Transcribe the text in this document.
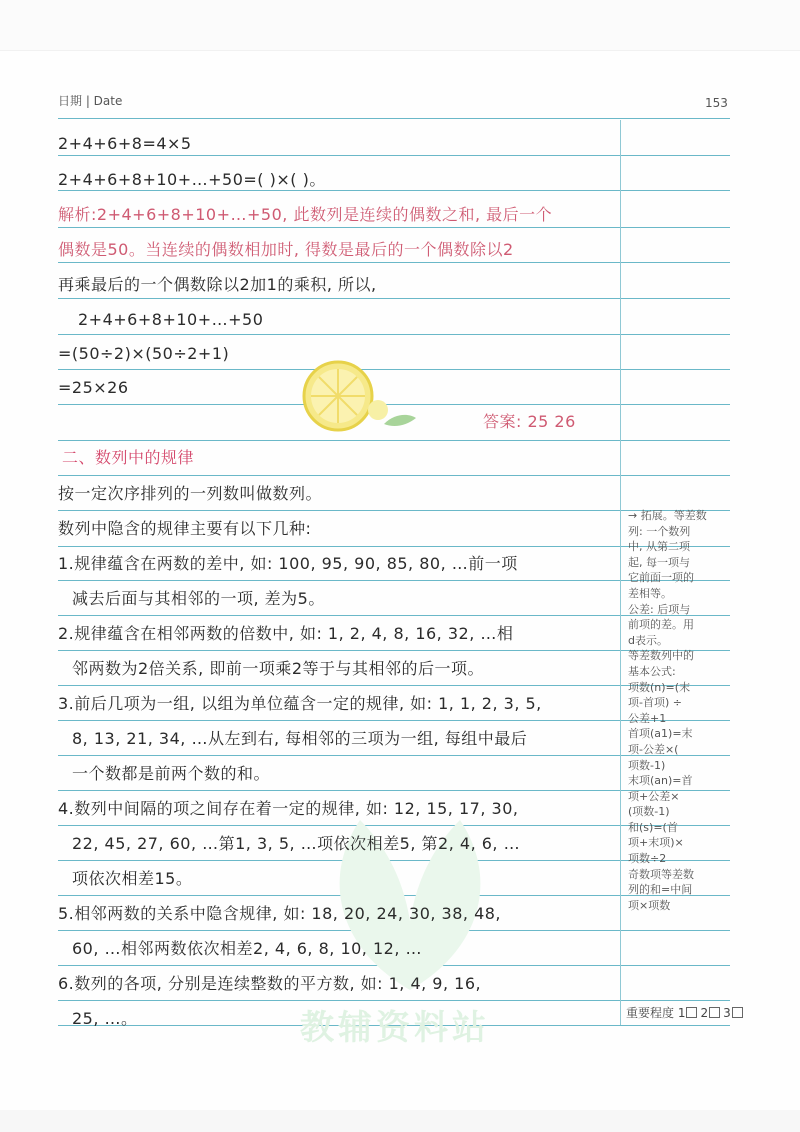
日期 | Date	153
教辅资料站
2+4+6+8=4×5
2+4+6+8+10+…+50=( )×( )。
解析:2+4+6+8+10+…+50, 此数列是连续的偶数之和, 最后一个
偶数是50。当连续的偶数相加时, 得数是最后的一个偶数除以2
再乘最后的一个偶数除以2加1的乘积, 所以,
2+4+6+8+10+…+50
=(50÷2)×(50÷2+1)
=25×26
答案: 25 26
二、数列中的规律
按一定次序排列的一列数叫做数列。
数列中隐含的规律主要有以下几种:
1.规律蕴含在两数的差中, 如: 100, 95, 90, 85, 80, …前一项
减去后面与其相邻的一项, 差为5。
2.规律蕴含在相邻两数的倍数中, 如: 1, 2, 4, 8, 16, 32, …相
邻两数为2倍关系, 即前一项乘2等于与其相邻的后一项。
3.前后几项为一组, 以组为单位蕴含一定的规律, 如: 1, 1, 2, 3, 5,
8, 13, 21, 34, …从左到右, 每相邻的三项为一组, 每组中最后
一个数都是前两个数的和。
4.数列中间隔的项之间存在着一定的规律, 如: 12, 15, 17, 30,
22, 45, 27, 60, …第1, 3, 5, …项依次相差5, 第2, 4, 6, …
项依次相差15。
5.相邻两数的关系中隐含规律, 如: 18, 20, 24, 30, 38, 48,
60, …相邻两数依次相差2, 4, 6, 8, 10, 12, …
6.数列的各项, 分别是连续整数的平方数, 如: 1, 4, 9, 16,
25, …。

→ 拓展。等差数

列: 一个数列

中, 从第二项

起, 每一项与

它前面一项的

差相等。

公差: 后项与

前项的差。用

d表示。

等差数列中的

基本公式:

项数(n)=(末

项-首项) ÷

公差+1

首项(a1)=末

项-公差×(

项数-1)

末项(an)=首

项+公差×

(项数-1)

和(s)=(首

项+末项)×

项数÷2

奇数项等差数

列的和=中间

项×项数

重要程度 1 2 3
